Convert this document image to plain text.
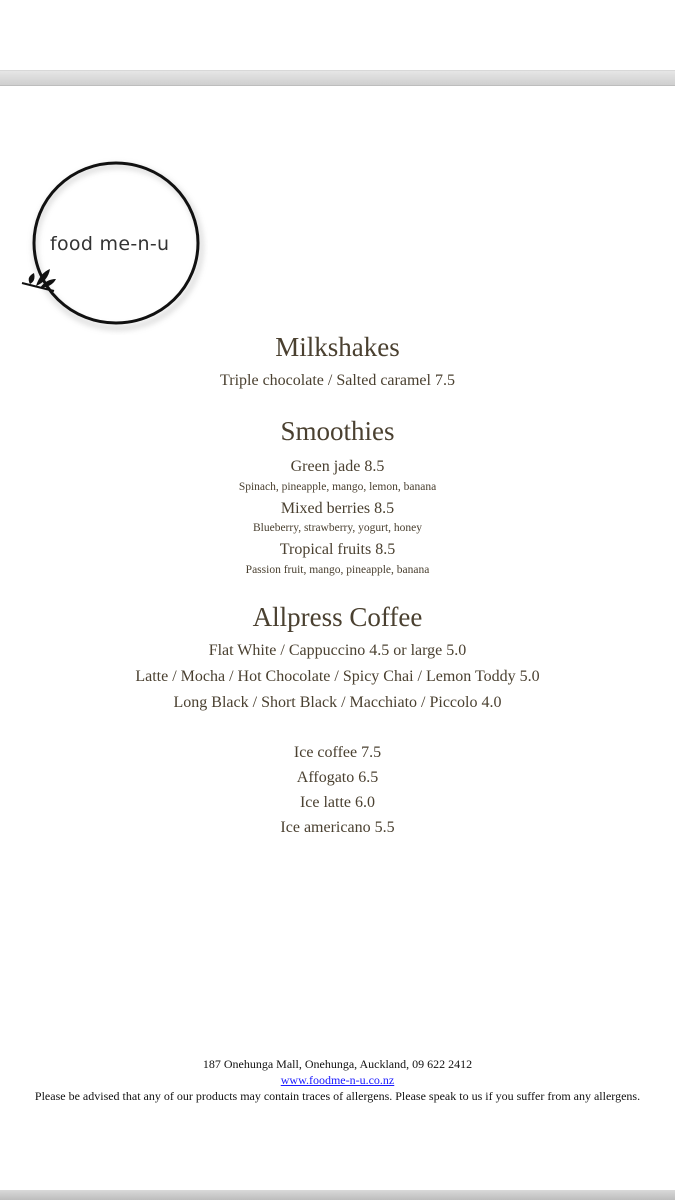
food me-n-u
Milkshakes
Triple chocolate / Salted caramel 7.5
Smoothies
Green jade 8.5
Spinach, pineapple, mango, lemon, banana
Mixed berries 8.5
Blueberry, strawberry, yogurt, honey
Tropical fruits 8.5
Passion fruit, mango, pineapple, banana
Allpress Coffee
Flat White / Cappuccino 4.5 or large 5.0
Latte / Mocha / Hot Chocolate / Spicy Chai / Lemon Toddy 5.0
Long Black / Short Black / Macchiato / Piccolo 4.0
Ice coffee 7.5
Affogato 6.5
Ice latte 6.0
Ice americano 5.5
187 Onehunga Mall, Onehunga, Auckland, 09 622 2412
www.foodme-n-u.co.nz
Please be advised that any of our products may contain traces of allergens. Please speak to us if you suffer from any allergens.
